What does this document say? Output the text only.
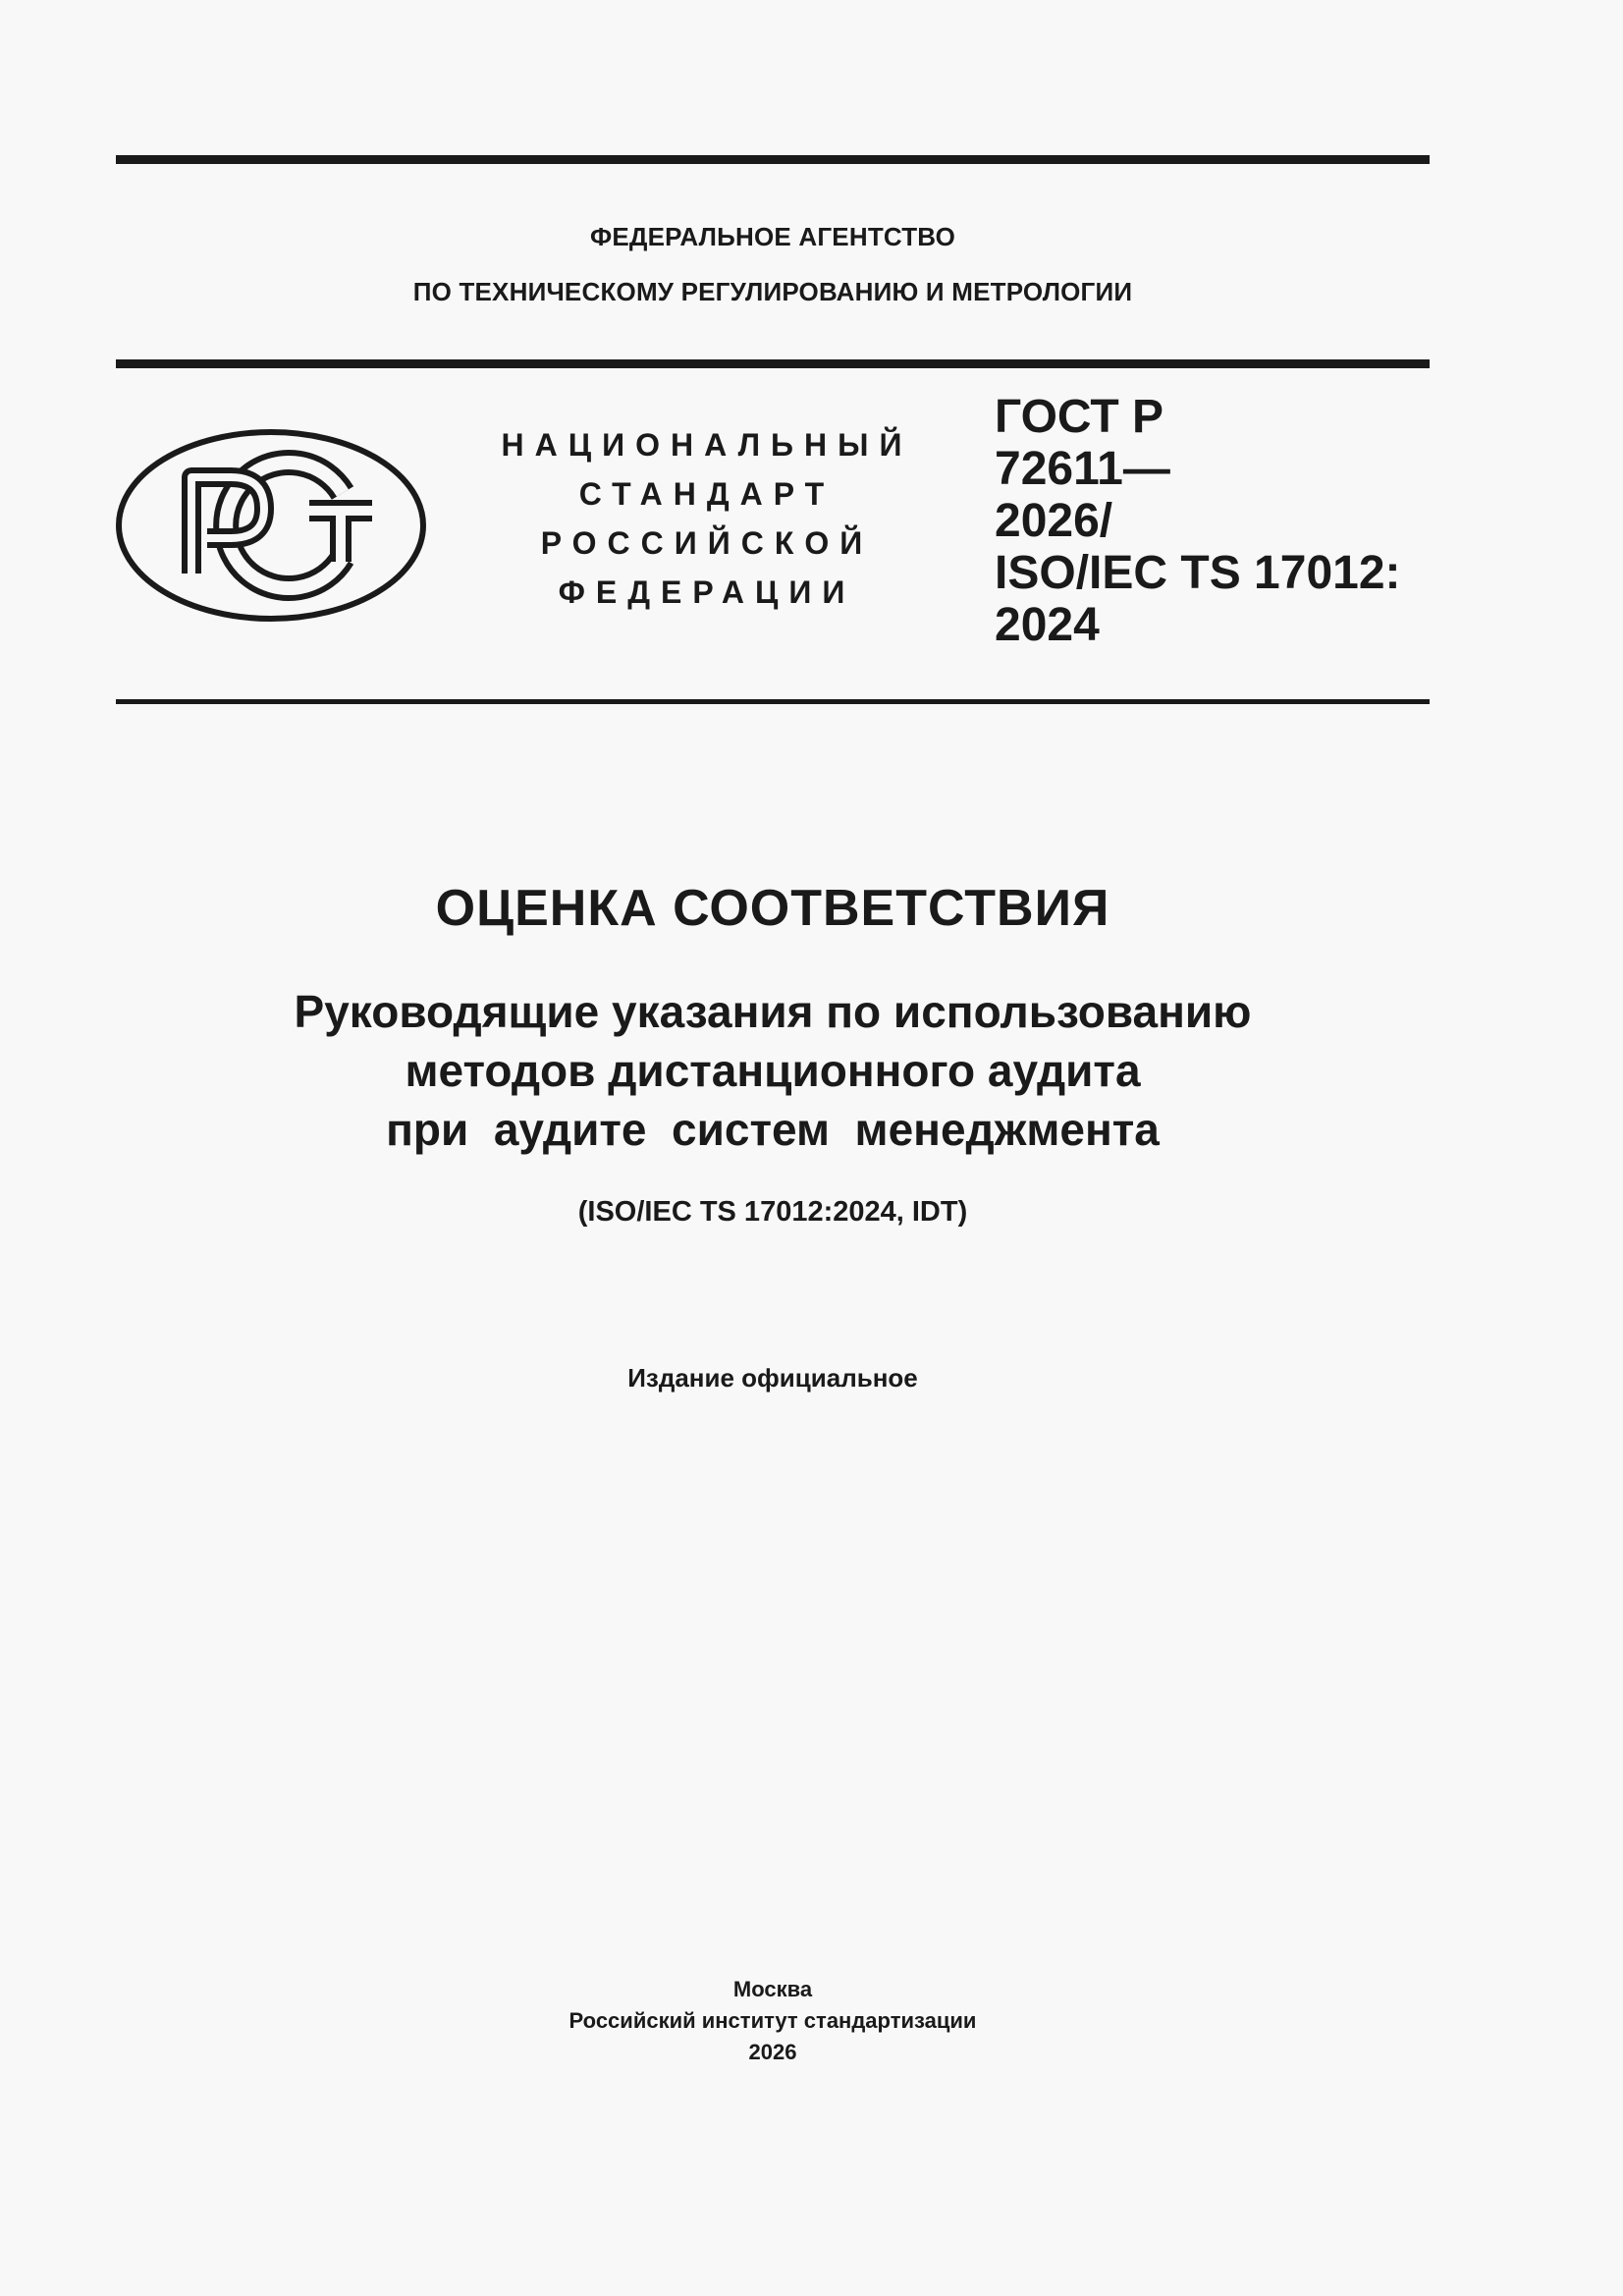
ФЕДЕРАЛЬНОЕ АГЕНТСТВО
ПО ТЕХНИЧЕСКОМУ РЕГУЛИРОВАНИЮ И МЕТРОЛОГИИ
НАЦИОНАЛЬНЫЙ
СТАНДАРТ
РОССИЙСКОЙ
ФЕДЕРАЦИИ
ГОСТ Р
72611—
2026/
ISO/IEC TS 17012:
2024
ОЦЕНКА СООТВЕТСТВИЯ
Руководящие указания по использованию
методов дистанционного аудита
при  аудите  систем  менеджмента
(ISO/IEC TS 17012:2024, IDT)
Издание официальное
Москва
Российский институт стандартизации
2026
